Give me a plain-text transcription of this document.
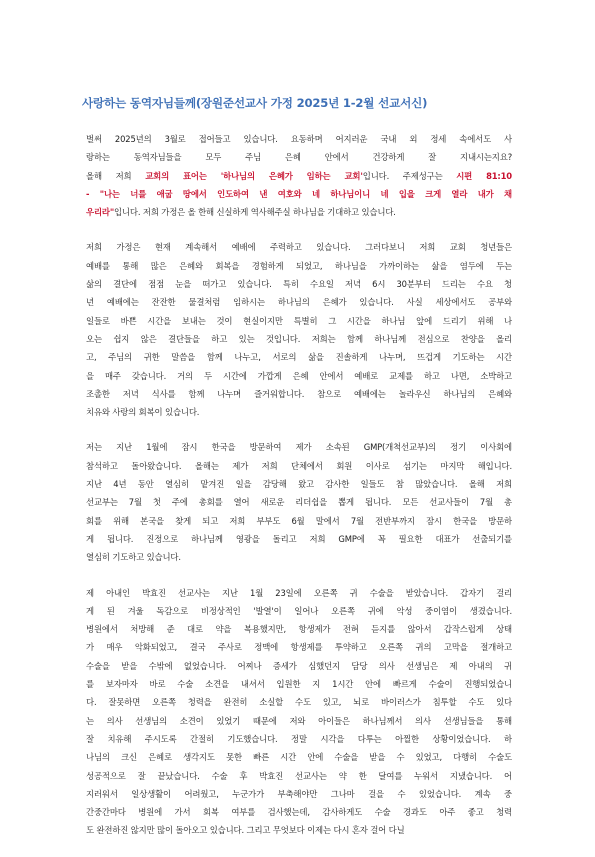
사랑하는 동역자님들께(장원준선교사 가정 2025년 1-2월 선교서신)
벌써 2025년의 3월로 접어들고 있습니다. 요동하며 어지러운 국내 외 정세 속에서도 사
랑하는 동역자님들을 모두 주님 은혜 안에서 건강하게 잘 지내시는지요?
올해 저희 교회의 표어는 '하나님의 은혜가 임하는 교회'입니다. 주제성구는 시편 81:10
- "나는 너를 애굽 땅에서 인도하여 낸 여호와 네 하나님이니 네 입을 크게 열라 내가 채
우리라"입니다. 저희 가정은 올 한해 신실하게 역사해주실 하나님을 기대하고 있습니다.
저희 가정은 현재 계속해서 예배에 주력하고 있습니다. 그러다보니 저희 교회 청년들은
예배를 통해 많은 은혜와 회복을 경험하게 되었고, 하나님을 가까이하는 삶을 염두에 두는
삶의 결단에 점점 눈을 떠가고 있습니다. 특히 수요일 저녁 6시 30분부터 드리는 수요 청
년 예배에는 잔잔한 물결처럼 임하시는 하나님의 은혜가 있습니다. 사실 세상에서도 공부와
일들로 바쁜 시간을 보내는 것이 현실이지만 특별히 그 시간을 하나님 앞에 드리기 위해 나
오는 쉽지 않은 결단들을 하고 있는 것입니다. 저희는 함께 하나님께 전심으로 찬양을 올리
고, 주님의 귀한 말씀을 함께 나누고, 서로의 삶을 진솔하게 나누며, 뜨겁게 기도하는 시간
을 매주 갖습니다. 거의 두 시간에 가깝게 은혜 안에서 예배로 교제를 하고 나면, 소박하고
조촐한 저녁 식사를 함께 나누며 즐거워합니다. 참으로 예배에는 놀라우신 하나님의 은혜와
치유와 사랑의 회복이 있습니다.
저는 지난 1월에 잠시 한국을 방문하여 제가 소속된 GMP(개척선교부)의 정기 이사회에
참석하고 돌아왔습니다. 올해는 제가 저희 단체에서 회원 이사로 섬기는 마지막 해입니다.
지난 4년 동안 열심히 맡겨진 일을 감당해 왔고 감사한 일들도 참 많았습니다. 올해 저희
선교부는 7월 첫 주에 총회를 열어 새로운 리더쉽을 뽑게 됩니다. 모든 선교사들이 7월 총
회를 위해 본국을 찾게 되고 저희 부부도 6월 말에서 7월 전반부까지 잠시 한국을 방문하
게 됩니다. 진정으로 하나님께 영광을 돌리고 저희 GMP에 꼭 필요한 대표가 선출되기를
열심히 기도하고 있습니다.
제 아내인 박효진 선교사는 지난 1월 23일에 오른쪽 귀 수술을 받았습니다. 갑자기 걸리
게 된 겨울 독감으로 비정상적인 '발열'이 일어나 오른쪽 귀에 악성 중이염이 생겼습니다.
병원에서 처방해 준 대로 약을 복용했지만, 항생제가 전혀 듣지를 않아서 갑작스럽게 상태
가 매우 악화되었고, 결국 주사로 정맥에 항생제를 투약하고 오른쪽 귀의 고막을 절개하고
수술을 받을 수밖에 없었습니다. 어찌나 증세가 심했던지 담당 의사 선생님은 제 아내의 귀
를 보자마자 바로 수술 소견을 내셔서 입원한 지 1시간 안에 빠르게 수술이 진행되었습니
다. 잘못하면 오른쪽 청력을 완전히 소실할 수도 있고, 뇌로 바이러스가 침투할 수도 있다
는 의사 선생님의 소견이 있었기 때문에 저와 아이들은 하나님께서 의사 선생님들을 통해
잘 치유해 주시도록 간절히 기도했습니다. 정말 시각을 다투는 아찔한 상황이었습니다. 하
나님의 크신 은혜로 생각지도 못한 빠른 시간 안에 수술을 받을 수 있었고, 다행히 수술도
성공적으로 잘 끝났습니다. 수술 후 박효진 선교사는 약 한 달여를 누워서 지냈습니다. 어
지러워서 일상생활이 어려웠고, 누군가가 부축해야만 그나마 걸을 수 있었습니다. 계속 중
간중간마다 병원에 가서 회복 여부를 검사했는데, 감사하게도 수술 경과도 아주 좋고 청력
도 완전하진 않지만 많이 돌아오고 있습니다. 그리고 무엇보다 이제는 다시 혼자 걸어 다닐
